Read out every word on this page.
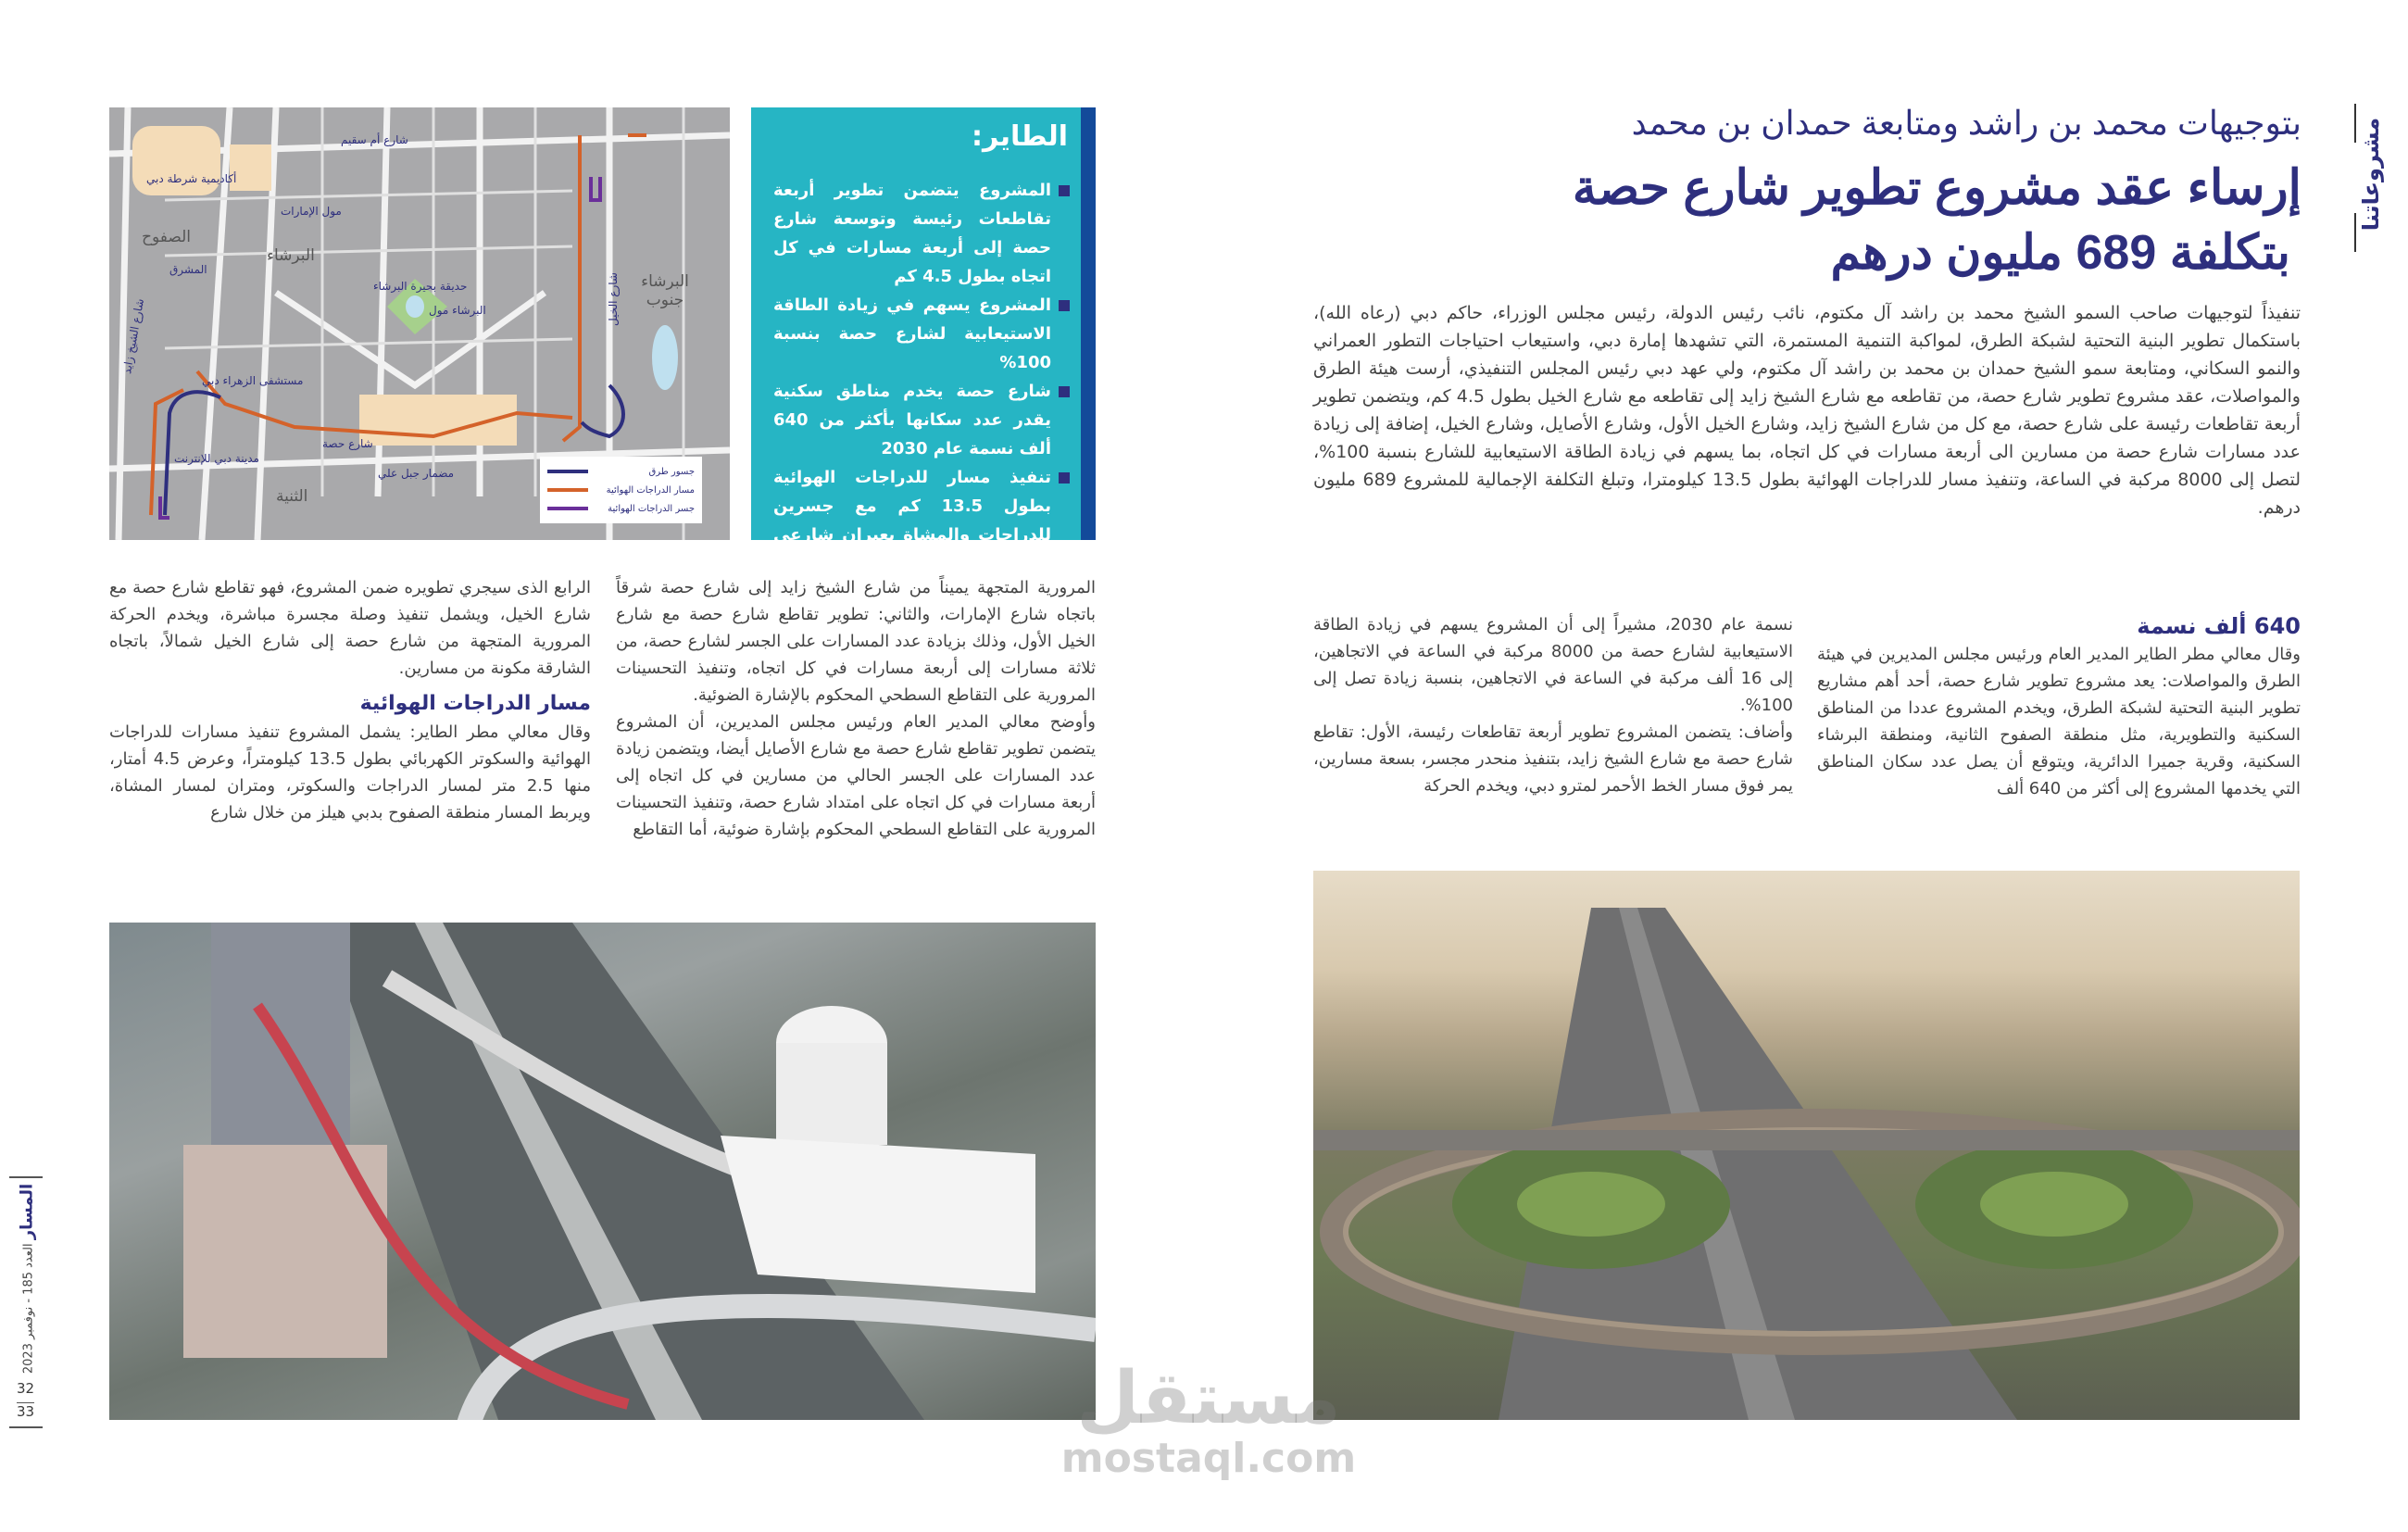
مشروعاتنا
بتوجيهات محمد بن راشد ومتابعة حمدان بن محمد
إرساء عقد مشروع تطوير شارع حصة
بتكلفة 689 مليون درهم

تنفيذاً لتوجيهات صاحب السمو الشيخ محمد بن راشد آل مكتوم، نائب رئيس الدولة، رئيس مجلس الوزراء، حاكم دبي (رعاه الله)، باستكمال تطوير البنية التحتية لشبكة الطرق، لمواكبة التنمية المستمرة، التي تشهدها إمارة دبي، واستيعاب احتياجات التطور العمراني والنمو السكاني، ومتابعة سمو الشيخ حمدان بن محمد بن راشد آل مكتوم، ولي عهد دبي رئيس المجلس التنفيذي، أرست هيئة الطرق والمواصلات، عقد مشروع تطوير شارع حصة، من تقاطعه مع شارع الشيخ زايد إلى تقاطعه مع شارع الخيل بطول 4.5 كم، ويتضمن تطوير أربعة تقاطعات رئيسة على شارع حصة، مع كل من شارع الشيخ زايد، وشارع الخيل الأول، وشارع الأصايل، وشارع الخيل، إضافة إلى زيادة عدد مسارات شارع حصة من مسارين الى أربعة مسارات في كل اتجاه، بما يسهم في زيادة الطاقة الاستيعابية للشارع بنسبة 100%، لتصل إلى 8000 مركبة في الساعة، وتنفيذ مسار للدراجات الهوائية بطول 13.5 كيلومترا، وتبلغ التكلفة الإجمالية للمشروع 689 مليون درهم.

640 ألف نسمة

وقال معالي مطر الطاير المدير العام ورئيس مجلس المديرين في هيئة الطرق والمواصلات: يعد مشروع تطوير شارع حصة، أحد أهم مشاريع تطوير البنية التحتية لشبكة الطرق، ويخدم المشروع عددا من المناطق السكنية والتطويرية، مثل منطقة الصفوح الثانية، ومنطقة البرشاء السكنية، وقرية جميرا الدائرية، ويتوقع أن يصل عدد سكان المناطق التي يخدمها المشروع إلى أكثر من 640 ألف

نسمة عام 2030، مشيراً إلى أن المشروع يسهم في زيادة الطاقة الاستيعابية لشارع حصة من 8000 مركبة في الساعة في الاتجاهين، إلى 16 ألف مركبة في الساعة في الاتجاهين، بنسبة زيادة تصل إلى 100%.

وأضاف: يتضمن المشروع تطوير أربعة تقاطعات رئيسة، الأول: تقاطع شارع حصة مع شارع الشيخ زايد، بتنفيذ منحدر مجسر، بسعة مسارين، يمر فوق مسار الخط الأحمر لمترو دبي، ويخدم الحركة

الصفوح
البرشاء
البرشاء جنوب
الثنية
أكاديمية شرطة دبي
مول الإمارات
شارع أم سقيم
المشرق
حديقة بحيرة البرشاء
البرشاء مول
مستشفى الزهراء دبي
شارع حصة
شارع الخيل
شارع الشيخ زايد
مضمار جبل علي
مدينة دبي للإنترنت
جسور طرق
مسار الدراجات الهوائية
جسر الدراجات الهوائية
الطاير:
المشروع يتضمن تطوير أربعة تقاطعات رئيسة وتوسعة شارع حصة إلى أربعة مسارات في كل اتجاه بطول 4.5 كم
المشروع يسهم في زيادة الطاقة الاستيعابية لشارع حصة بنسبة 100%
شارع حصة يخدم مناطق سكنية يقدر عدد سكانها بأكثر من 640 ألف نسمة عام 2030
تنفيذ مسار للدراجات الهوائية بطول 13.5 كم مع جسرين للدراجات والمشاة يعبران شارعي الشيخ زايد والخيل

المرورية المتجهة يميناً من شارع الشيخ زايد إلى شارع حصة شرقاً باتجاه شارع الإمارات، والثاني: تطوير تقاطع شارع حصة مع شارع الخيل الأول، وذلك بزيادة عدد المسارات على الجسر لشارع حصة، من ثلاثة مسارات إلى أربعة مسارات في كل اتجاه، وتنفيذ التحسينات المرورية على التقاطع السطحي المحكوم بالإشارة الضوئية.

وأوضح معالي المدير العام ورئيس مجلس المديرين، أن المشروع يتضمن تطوير تقاطع شارع حصة مع شارع الأصايل أيضا، ويتضمن زيادة عدد المسارات على الجسر الحالي من مسارين في كل اتجاه إلى أربعة مسارات في كل اتجاه على امتداد شارع حصة، وتنفيذ التحسينات المرورية على التقاطع السطحي المحكوم بإشارة ضوئية، أما التقاطع

الرابع الذى سيجري تطويره ضمن المشروع، فهو تقاطع شارع حصة مع شارع الخيل، ويشمل تنفيذ وصلة مجسرة مباشرة، ويخدم الحركة المرورية المتجهة من شارع حصة إلى شارع الخيل شمالاً، باتجاه الشارقة مكونة من مسارين.

مسار الدراجات الهوائية

وقال معالي مطر الطاير: يشمل المشروع تنفيذ مسارات للدراجات الهوائية والسكوتر الكهربائي بطول 13.5 كيلومتراً، وعرض 4.5 أمتار، منها 2.5 متر لمسار الدراجات والسكوتر، ومتران لمسار المشاة، ويربط المسار منطقة الصفوح بدبي هيلز من خلال شارع

المسار العدد 185 - نوفمبر 2023
32
33	مستقل
mostaql.com
